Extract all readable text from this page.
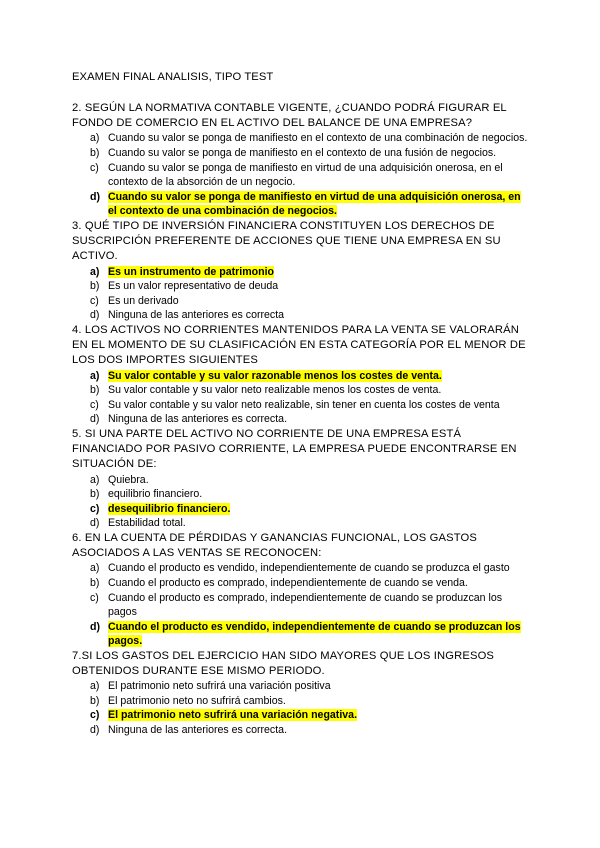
EXAMEN FINAL ANALISIS, TIPO TEST
2. SEGÚN LA NORMATIVA CONTABLE VIGENTE, ¿CUANDO PODRÁ FIGURAR EL FONDO DE COMERCIO EN EL ACTIVO DEL BALANCE DE UNA EMPRESA?
a) Cuando su valor se ponga de manifiesto en el contexto de una combinación de negocios.
b) Cuando su valor se ponga de manifiesto en el contexto de una fusión de negocios.
c) Cuando su valor se ponga de manifiesto en virtud de una adquisición onerosa, en el contexto de la absorción de un negocio.
d) Cuando su valor se ponga de manifiesto en virtud de una adquisición onerosa, en el contexto de una combinación de negocios.
3. QUÉ TIPO DE INVERSIÓN FINANCIERA CONSTITUYEN LOS DERECHOS DE SUSCRIPCIÓN PREFERENTE DE ACCIONES QUE TIENE UNA EMPRESA EN SU ACTIVO.
a) Es un instrumento de patrimonio
b) Es un valor representativo de deuda
c) Es un derivado
d) Ninguna de las anteriores es correcta
4. LOS ACTIVOS NO CORRIENTES MANTENIDOS PARA LA VENTA SE VALORARÁN EN EL MOMENTO DE SU CLASIFICACIÓN EN ESTA CATEGORÍA POR EL MENOR DE LOS DOS IMPORTES SIGUIENTES
a) Su valor contable y su valor razonable menos los costes de venta.
b) Su valor contable y su valor neto realizable menos los costes de venta.
c) Su valor contable y su valor neto realizable, sin tener en cuenta los costes de venta
d) Ninguna de las anteriores es correcta.
5. SI UNA PARTE DEL ACTIVO NO CORRIENTE DE UNA EMPRESA ESTÁ FINANCIADO POR PASIVO CORRIENTE, LA EMPRESA PUEDE ENCONTRARSE EN SITUACIÓN DE:
a) Quiebra.
b) equilibrio financiero.
c) desequilibrio financiero.
d) Estabilidad total.
6. EN LA CUENTA DE PÉRDIDAS Y GANANCIAS FUNCIONAL, LOS GASTOS ASOCIADOS A LAS VENTAS SE RECONOCEN:
a) Cuando el producto es vendido, independientemente de cuando se produzca el gasto
b) Cuando el producto es comprado, independientemente de cuando se venda.
c) Cuando el producto es comprado, independientemente de cuando se produzcan los pagos
d) Cuando el producto es vendido, independientemente de cuando se produzcan los pagos.
7.SI LOS GASTOS DEL EJERCICIO HAN SIDO MAYORES QUE LOS INGRESOS OBTENIDOS DURANTE ESE MISMO PERIODO.
a) El patrimonio neto sufrirá una variación positiva
b) El patrimonio neto no sufrirá cambios.
c) El patrimonio neto sufrirá una variación negativa.
d) Ninguna de las anteriores es correcta.
